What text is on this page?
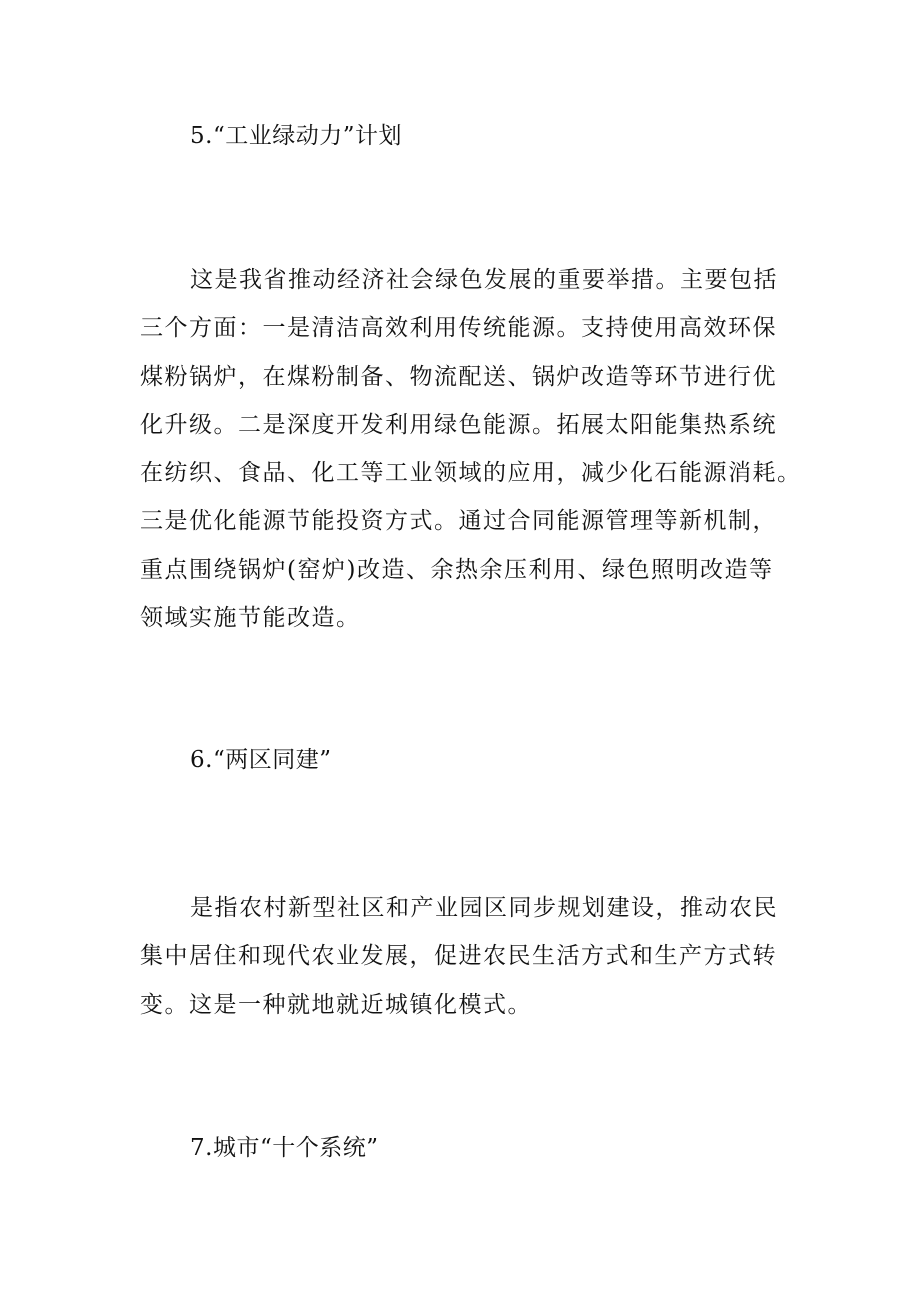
5.“工业绿动力”计划
这是我省推动经济社会绿色发展的重要举措。主要包括
三个方面：一是清洁高效利用传统能源。支持使用高效环保
煤粉锅炉，在煤粉制备、物流配送、锅炉改造等环节进行优
化升级。二是深度开发利用绿色能源。拓展太阳能集热系统
在纺织、食品、化工等工业领域的应用，减少化石能源消耗。
三是优化能源节能投资方式。通过合同能源管理等新机制，
重点围绕锅炉(窑炉)改造、余热余压利用、绿色照明改造等
领域实施节能改造。
6.“两区同建”
是指农村新型社区和产业园区同步规划建设，推动农民
集中居住和现代农业发展，促进农民生活方式和生产方式转
变。这是一种就地就近城镇化模式。
7.城市“十个系统”
